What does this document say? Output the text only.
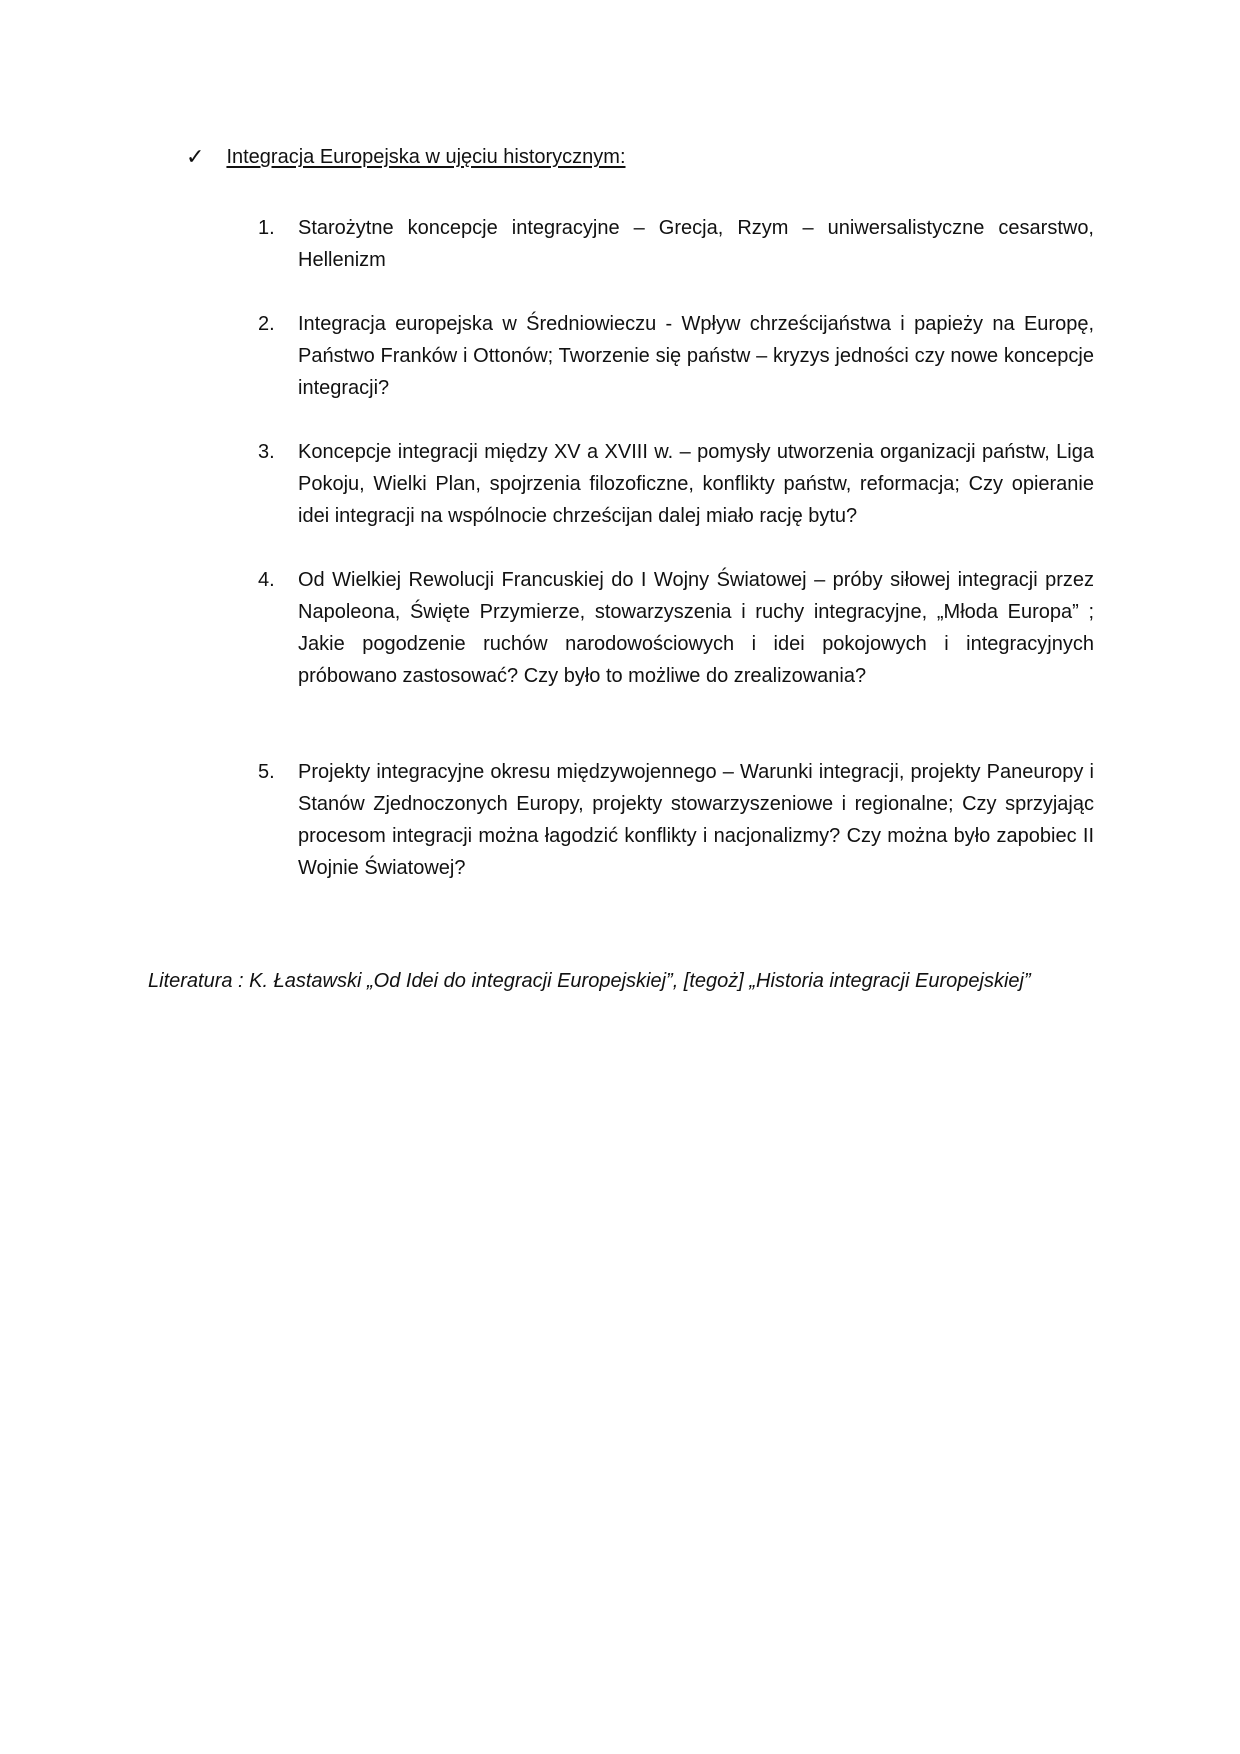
✓ Integracja Europejska w ujęciu historycznym:
1.	Starożytne koncepcje integracyjne – Grecja, Rzym – uniwersalistyczne cesarstwo, Hellenizm
2.	Integracja europejska w Średniowieczu - Wpływ chrześcijaństwa i papieży na Europę, Państwo Franków i Ottonów; Tworzenie się państw – kryzys jedności czy nowe koncepcje integracji?
3.	Koncepcje integracji między XV a XVIII w. – pomysły utworzenia organizacji państw, Liga Pokoju, Wielki Plan, spojrzenia filozoficzne, konflikty państw, reformacja; Czy opieranie idei integracji na wspólnocie chrześcijan dalej miało rację bytu?
4.	Od Wielkiej Rewolucji Francuskiej do I Wojny Światowej – próby siłowej integracji przez Napoleona, Święte Przymierze, stowarzyszenia i ruchy integracyjne, „Młoda Europa” ; Jakie pogodzenie ruchów narodowościowych i idei pokojowych i integracyjnych próbowano zastosować? Czy było to możliwe do zrealizowania?
5.	Projekty integracyjne okresu międzywojennego – Warunki integracji, projekty Paneuropy i Stanów Zjednoczonych Europy, projekty stowarzyszeniowe i regionalne; Czy sprzyjając procesom integracji można łagodzić konflikty i nacjonalizmy? Czy można było zapobiec II Wojnie Światowej?
Literatura : K. Łastawski „Od Idei do integracji Europejskiej”, [tegoż] „Historia integracji Europejskiej”
